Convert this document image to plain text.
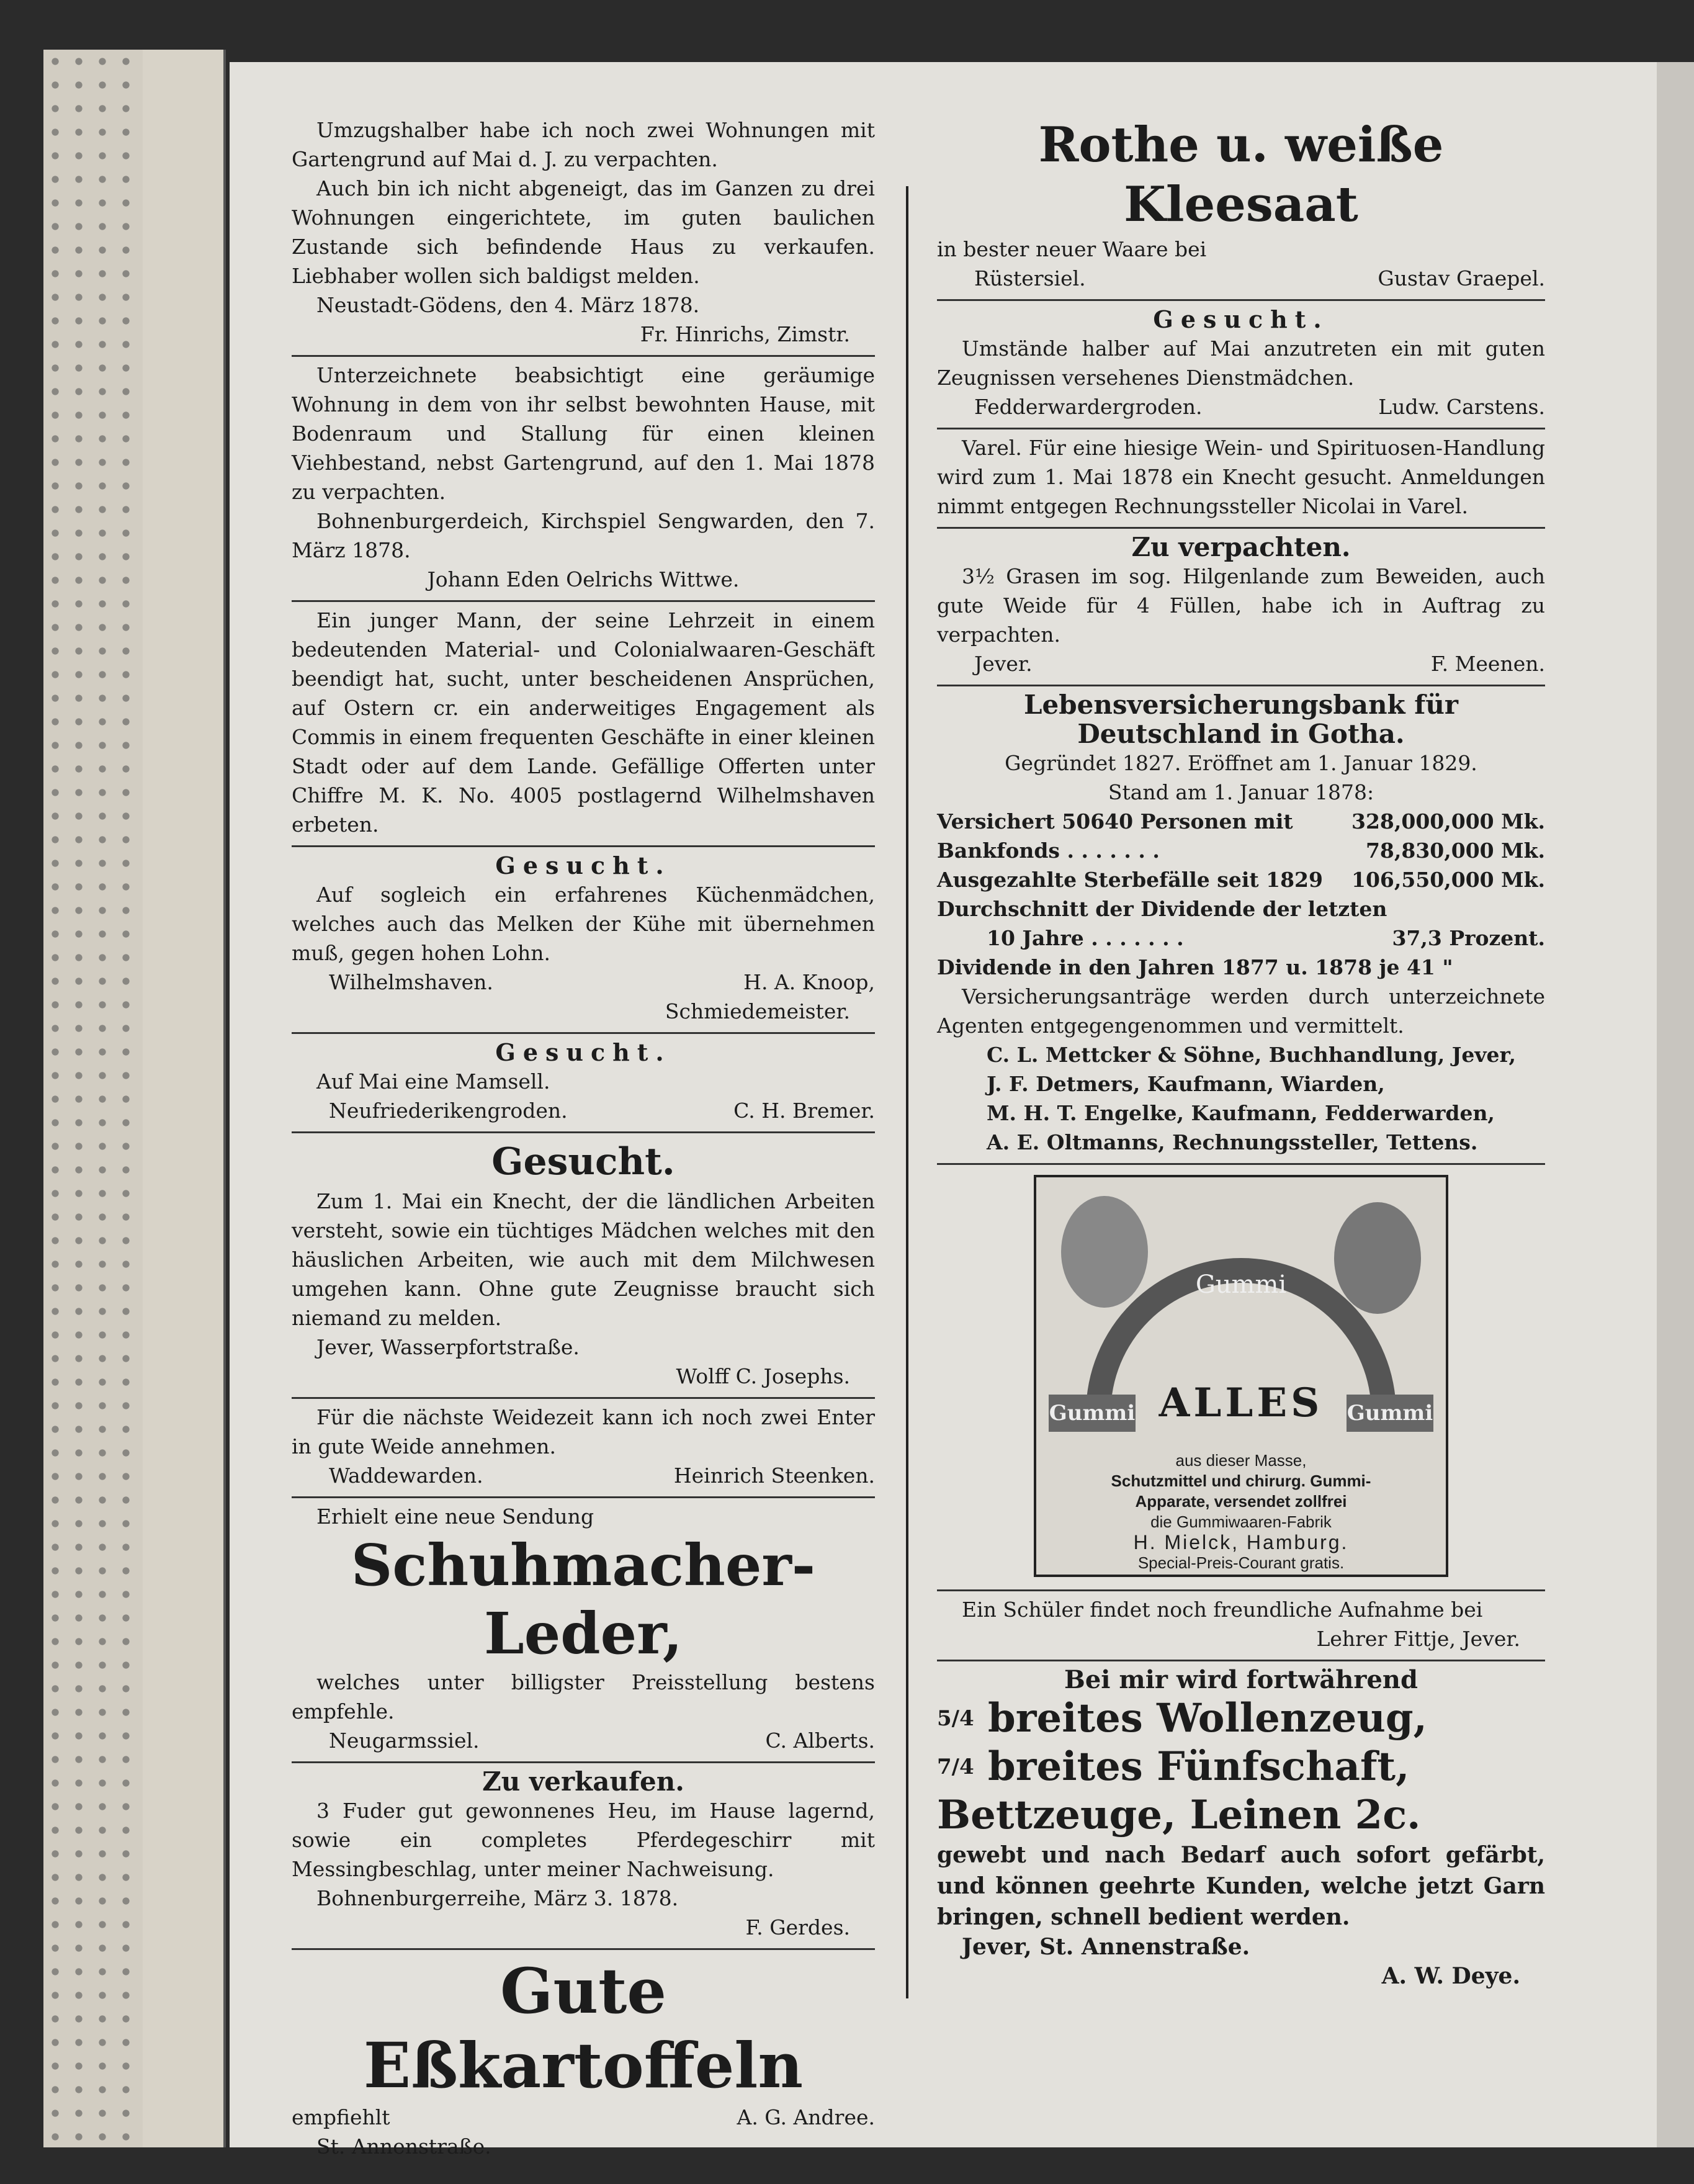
Umzugshalber habe ich noch zwei Wohnungen mit Gartengrund auf Mai d. J. zu verpachten.

Auch bin ich nicht abgeneigt, das im Ganzen zu drei Wohnungen eingerichtete, im guten baulichen Zustande sich befindende Haus zu verkaufen. Liebhaber wollen sich baldigst melden.

Neustadt-Gödens, den 4. März 1878.

Fr. Hinrichs, Zimstr.

Unterzeichnete beabsichtigt eine geräumige Wohnung in dem von ihr selbst bewohnten Hause, mit Bodenraum und Stallung für einen kleinen Viehbestand, nebst Gartengrund, auf den 1. Mai 1878 zu verpachten.

Bohnenburgerdeich, Kirchspiel Sengwarden, den 7. März 1878.

Johann Eden Oelrichs Wittwe.

Ein junger Mann, der seine Lehrzeit in einem bedeutenden Material- und Colonialwaaren-Geschäft beendigt hat, sucht, unter bescheidenen Ansprüchen, auf Ostern cr. ein anderweitiges Engagement als Commis in einem frequenten Geschäfte in einer kleinen Stadt oder auf dem Lande. Gefällige Offerten unter Chiffre M. K. No. 4005 postlagernd Wilhelmshaven erbeten.

Gesucht.

Auf sogleich ein erfahrenes Küchenmädchen, welches auch das Melken der Kühe mit übernehmen muß, gegen hohen Lohn.

Wilhelmshaven.	H. A. Knoop,
Schmiedemeister.
Gesucht.

Auf Mai eine Mamsell.

Neufriederikengroden.	C. H. Bremer.
Gesucht.

Zum 1. Mai ein Knecht, der die ländlichen Arbeiten versteht, sowie ein tüchtiges Mädchen welches mit den häuslichen Arbeiten, wie auch mit dem Milchwesen umgehen kann. Ohne gute Zeugnisse braucht sich niemand zu melden.

Jever, Wasserpfortstraße.

Wolff C. Josephs.

Für die nächste Weidezeit kann ich noch zwei Enter in gute Weide annehmen.

Waddewarden.	Heinrich Steenken.

Erhielt eine neue Sendung

Schuhmacher-Leder,

welches unter billigster Preisstellung bestens empfehle.

Neugarmssiel.	C. Alberts.
Zu verkaufen.

3 Fuder gut gewonnenes Heu, im Hause lagernd, sowie ein completes Pferdegeschirr mit Messingbeschlag, unter meiner Nachweisung.

Bohnenburgerreihe, März 3. 1878.

F. Gerdes.
Gute Eßkartoffeln
empfiehlt	A. G. Andree.

St. Annenstraße.

Rothe u. weiße Kleesaat

in bester neuer Waare bei

Rüstersiel.	Gustav Graepel.
Gesucht.

Umstände halber auf Mai anzutreten ein mit guten Zeugnissen versehenes Dienstmädchen.

Fedderwardergroden.	Ludw. Carstens.

Varel. Für eine hiesige Wein- und Spirituosen-Handlung wird zum 1. Mai 1878 ein Knecht gesucht. Anmeldungen nimmt entgegen Rechnungssteller Nicolai in Varel.

Zu verpachten.

3½ Grasen im sog. Hilgenlande zum Beweiden, auch gute Weide für 4 Füllen, habe ich in Auftrag zu verpachten.

Jever.	F. Meenen.
Lebensversicherungsbank für Deutschland in Gotha.
Gegründet 1827. Eröffnet am 1. Januar 1829.
Stand am 1. Januar 1878:
Versichert 50640 Personen mit	328,000,000 Mk.
Bankfonds . . . . . . .	78,830,000 Mk.
Ausgezahlte Sterbefälle seit 1829 106,550,000 Mk.
Durchschnitt der Dividende der letzten
10 Jahre . . . . . . .	37,3 Prozent.
Dividende in den Jahren 1877 u. 1878 je 41 "

Versicherungsanträge werden durch unterzeichnete Agenten entgegengenommen und vermittelt.

C. L. Mettcker & Söhne, Buchhandlung, Jever,
J. F. Detmers, Kaufmann, Wiarden,
M. H. T. Engelke, Kaufmann, Fedderwarden,
A. E. Oltmanns, Rechnungssteller, Tettens.
Gummi
Gummi	Gummi
ALLES
aus dieser Masse,
Schutzmittel und chirurg. Gummi-
Apparate, versendet zollfrei
die Gummiwaaren-Fabrik
H. Mielck, Hamburg.
Special-Preis-Courant gratis.

Ein Schüler findet noch freundliche Aufnahme bei

Lehrer Fittje, Jever.
Bei mir wird fortwährend
$^{5/4}$ breites Wollenzeug,
$^{7/4}$ breites Fünfschaft, Bettzeuge, Leinen 2c.

gewebt und nach Bedarf auch sofort gefärbt, und können geehrte Kunden, welche jetzt Garn bringen, schnell bedient werden.

Jever, St. Annenstraße.

A. W. Deye.
